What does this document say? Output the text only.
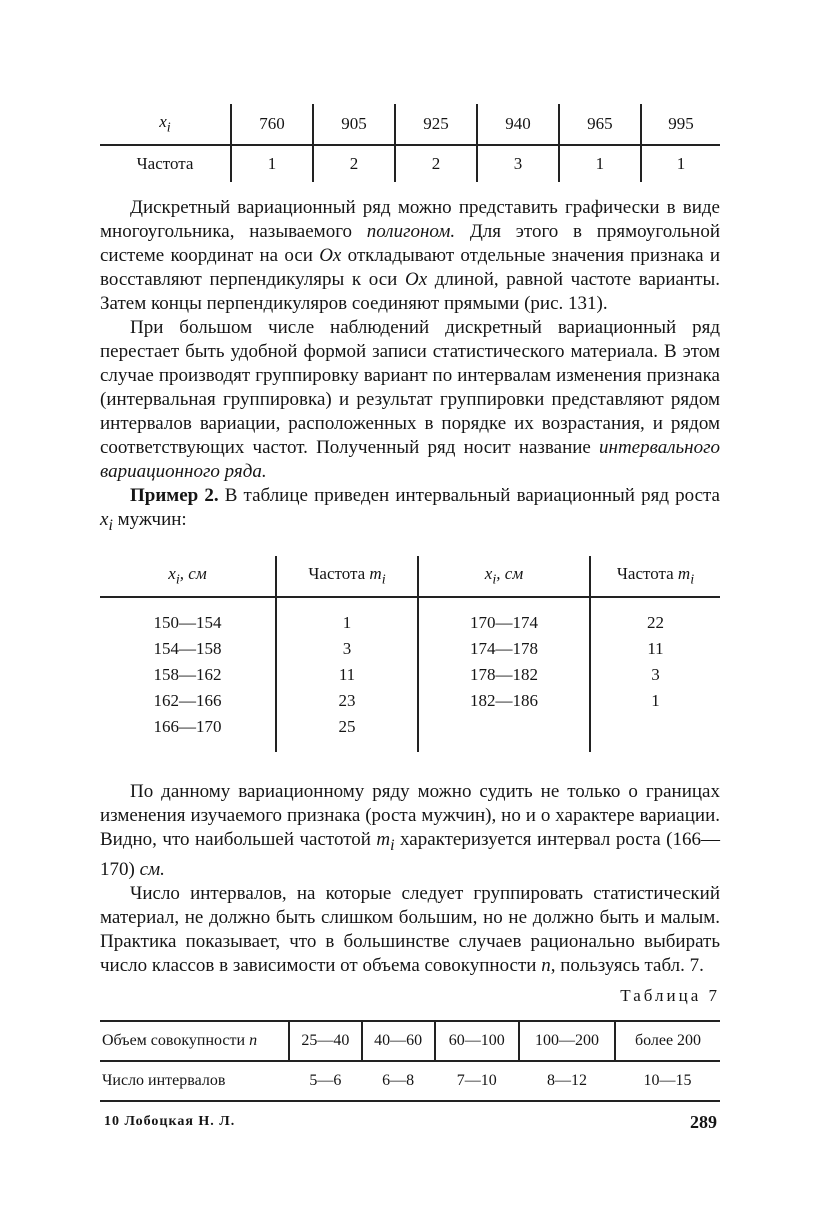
$x_i$	760	905	925	940	965	995
Частота	1	2	2	3	1	1

Дискретный вариационный ряд можно представить графически в виде многоугольника, называемого полигоном. Для этого в прямоугольной системе координат на оси Ox откладывают отдельные значения признака и восставляют перпендикуляры к оси Ox длиной, равной частоте варианты. Затем концы перпендикуляров соединяют прямыми (рис. 131).

При большом числе наблюдений дискретный вариационный ряд перестает быть удобной формой записи статистического материала. В этом случае производят группировку вариант по интервалам изменения признака (интервальная группировка) и результат группировки представляют рядом интервалов вариации, расположенных в порядке их возрастания, и рядом соответствующих частот. Полученный ряд носит название интервального вариационного ряда.

Пример 2. В таблице приведен интервальный вариационный ряд роста $x_i$ мужчин:

$x_i$, см	Частота $m_i$	$x_i$, см	Частота $m_i$

150—154	1	170—174	22
154—158	3	174—178	11
158—162	11	178—182	3
162—166	23	182—186	1
166—170	25		

По данному вариационному ряду можно судить не только о границах изменения изучаемого признака (роста мужчин), но и о характере вариации. Видно, что наибольшей частотой $m_i$ характеризуется интервал роста (166—170) см.

Число интервалов, на которые следует группировать статистический материал, не должно быть слишком большим, но не должно быть и малым. Практика показывает, что в большинстве случаев рационально выбирать число классов в зависимости от объема совокупности n, пользуясь табл. 7.

Таблица 7
Объем совокупности n	25—40	40—60	60—100	100—200	более 200
Число интервалов	5—6	6—8	7—10	8—12	10—15
10 Лобоцкая Н. Л.	289
